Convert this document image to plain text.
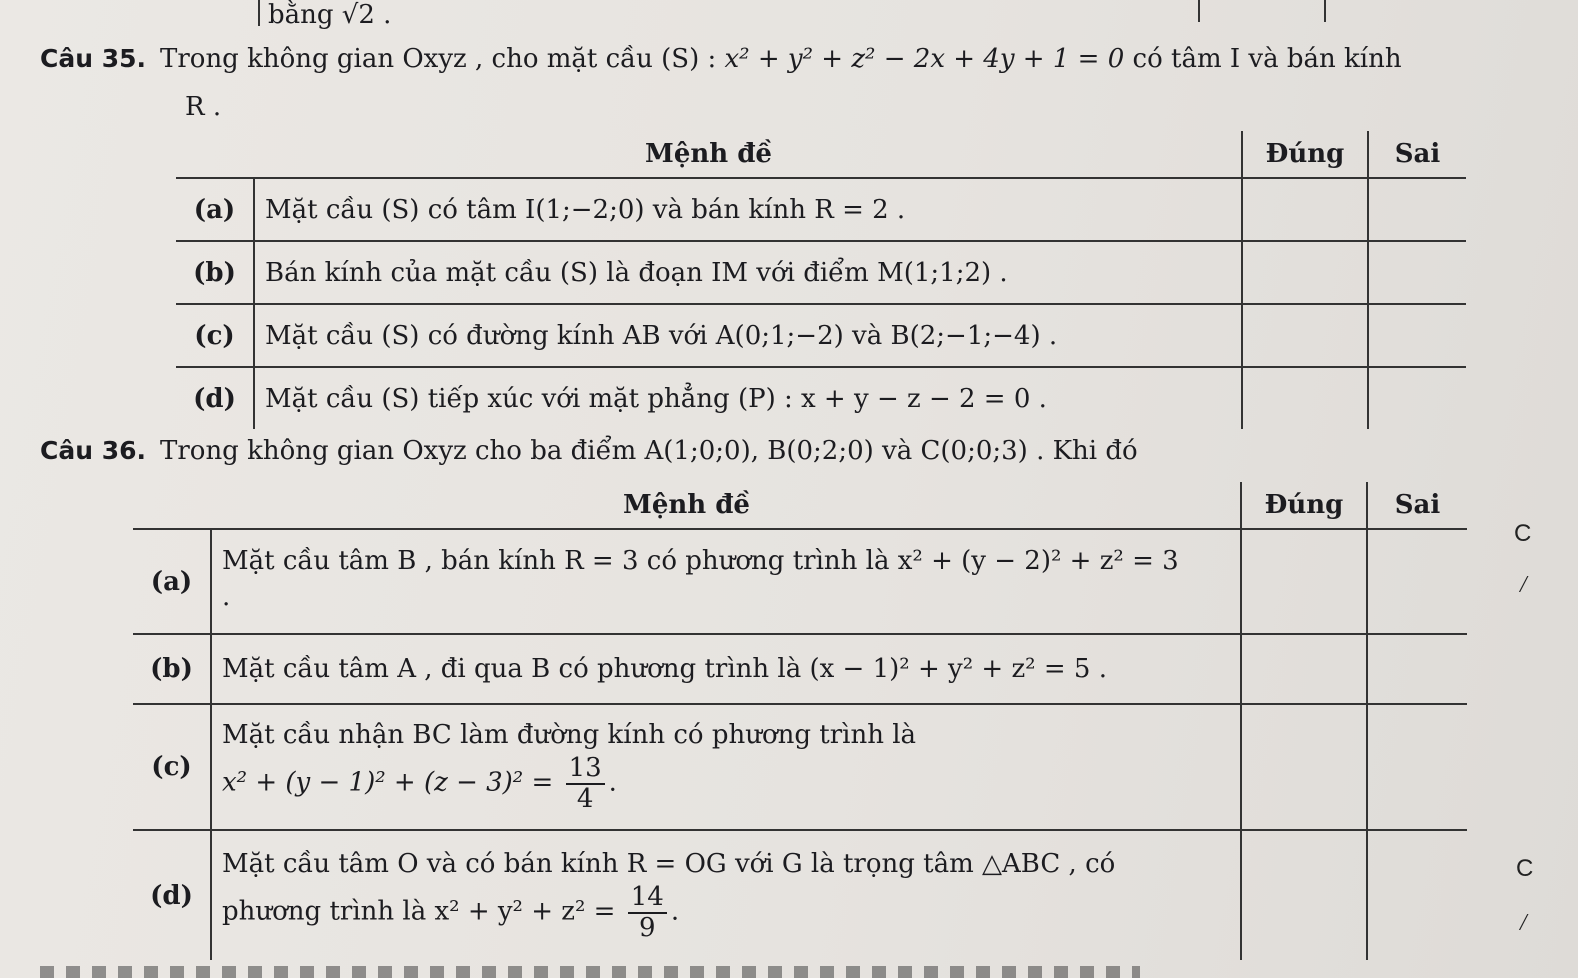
bằng √2 .
Câu 35. Trong không gian Oxyz , cho mặt cầu (S) : x² + y² + z² − 2x + 4y + 1 = 0 có tâm I và bán kính
R .
Mệnh đề		Đúng	Sai
(a)	Mặt cầu (S) có tâm I(1;−2;0) và bán kính R = 2 .		
(b)	Bán kính của mặt cầu (S) là đoạn IM với điểm M(1;1;2) .		
(c)	Mặt cầu (S) có đường kính AB với A(0;1;−2) và B(2;−1;−4) .		
(d)	Mặt cầu (S) tiếp xúc với mặt phẳng (P) : x + y − z − 2 = 0 .		
Câu 36. Trong không gian Oxyz cho ba điểm A(1;0;0), B(0;2;0) và C(0;0;3) . Khi đó
Mệnh đề		Đúng	Sai
(a)	Mặt cầu tâm B , bán kính R = 3 có phương trình là x² + (y − 2)² + z² = 3
.		

(b)	Mặt cầu tâm A , đi qua B có phương trình là (x − 1)² + y² + z² = 5 .		
(c)	Mặt cầu nhận BC làm đường kính có phương trình là
$x^2 + (y - 1)^2 + (z - 3)^2 = \frac{13}{4}$ .		

(d)	Mặt cầu tâm O và có bán kính R = OG với G là trọng tâm △ABC , có
phương trình là $x^2 + y^2 + z^2 = \frac{14}{9}$ .		

C
/
C
/
